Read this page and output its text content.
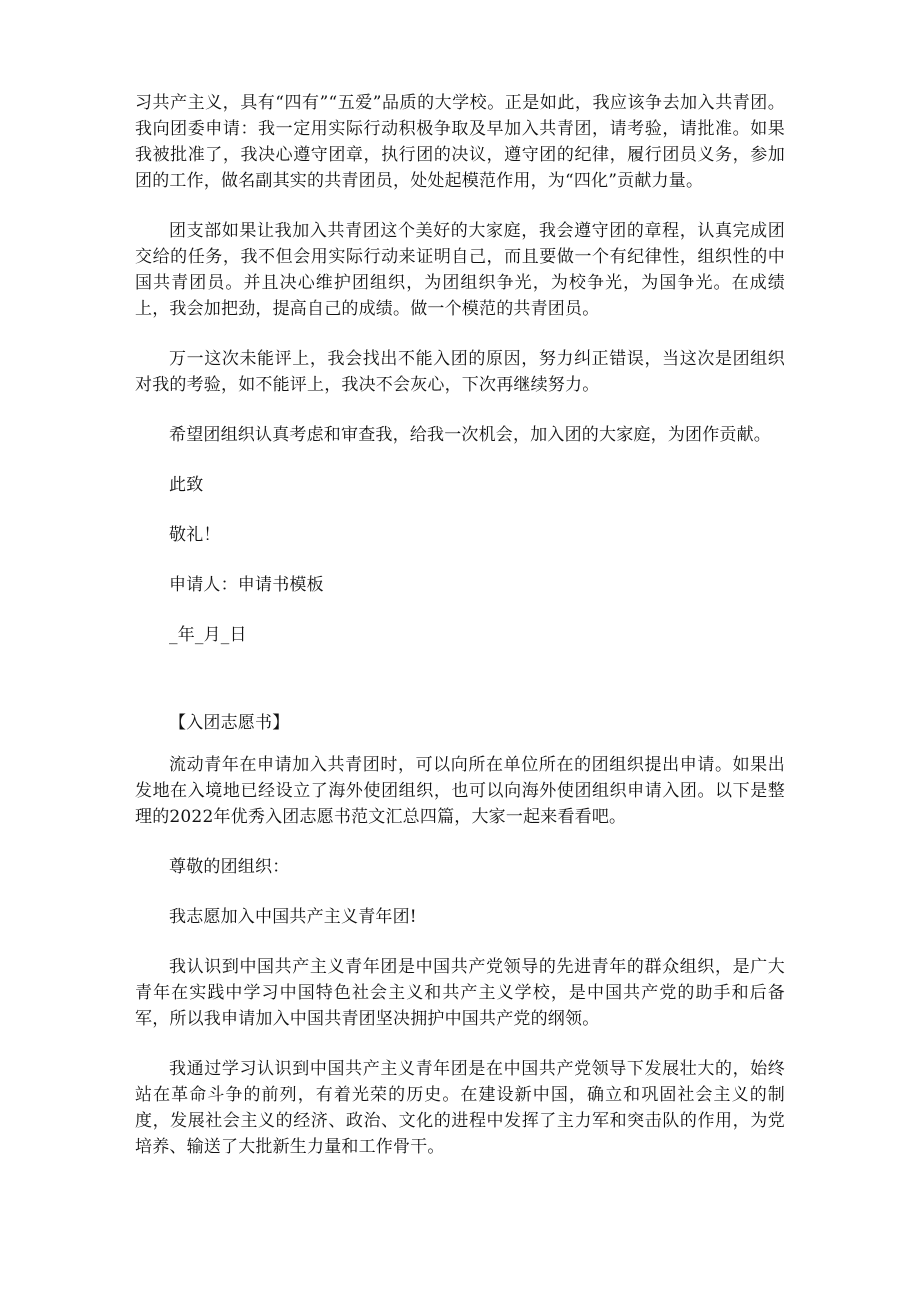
习共产主义，具有“四有”“五爱”品质的大学校。正是如此，我应该争去加入共青团。我向团委申请：我一定用实际行动积极争取及早加入共青团，请考验，请批准。如果我被批准了，我决心遵守团章，执行团的决议，遵守团的纪律，履行团员义务，参加团的工作，做名副其实的共青团员，处处起模范作用，为“四化”贡献力量。

团支部如果让我加入共青团这个美好的大家庭，我会遵守团的章程，认真完成团交给的任务，我不但会用实际行动来证明自己，而且要做一个有纪律性，组织性的中国共青团员。并且决心维护团组织，为团组织争光，为校争光，为国争光。在成绩上，我会加把劲，提高自己的成绩。做一个模范的共青团员。

万一这次未能评上，我会找出不能入团的原因，努力纠正错误，当这次是团组织对我的考验，如不能评上，我决不会灰心，下次再继续努力。

希望团组织认真考虑和审查我，给我一次机会，加入团的大家庭，为团作贡献。

此致
敬礼！
申请人：申请书模板
_年_月_日
【入团志愿书】

流动青年在申请加入共青团时，可以向所在单位所在的团组织提出申请。如果出发地在入境地已经设立了海外使团组织，也可以向海外使团组织申请入团。以下是整理的2022年优秀入团志愿书范文汇总四篇，大家一起来看看吧。

尊敬的团组织：

我志愿加入中国共产主义青年团!

我认识到中国共产主义青年团是中国共产党领导的先进青年的群众组织，是广大青年在实践中学习中国特色社会主义和共产主义学校，是中国共产党的助手和后备军，所以我申请加入中国共青团坚决拥护中国共产党的纲领。

我通过学习认识到中国共产主义青年团是在中国共产党领导下发展壮大的，始终站在革命斗争的前列，有着光荣的历史。在建设新中国，确立和巩固社会主义的制度，发展社会主义的经济、政治、文化的进程中发挥了主力军和突击队的作用，为党培养、输送了大批新生力量和工作骨干。
